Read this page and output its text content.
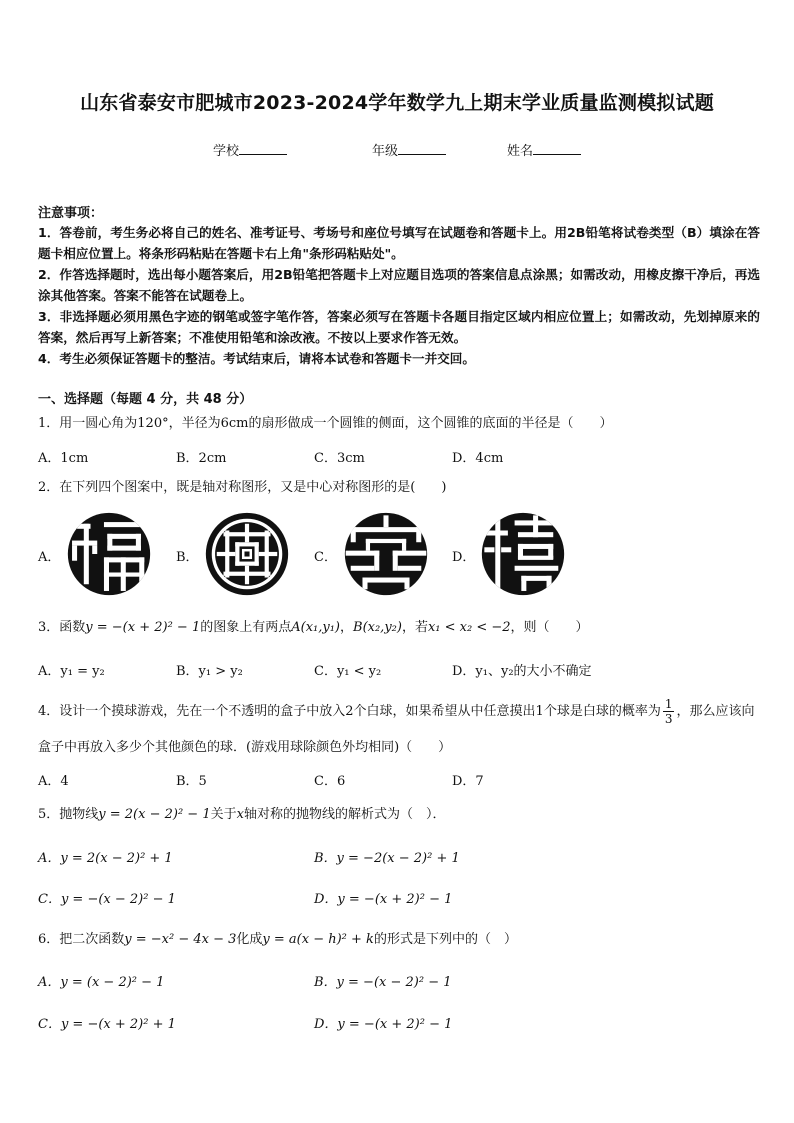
山东省泰安市肥城市2023-2024学年数学九上期末学业质量监测模拟试题
学校	年级	姓名
注意事项：

1．答卷前，考生务必将自己的姓名、准考证号、考场号和座位号填写在试题卷和答题卡上。用2B铅笔将试卷类型（B）填涂在答题卡相应位置上。将条形码粘贴在答题卡右上角"条形码粘贴处"。

2．作答选择题时，选出每小题答案后，用2B铅笔把答题卡上对应题目选项的答案信息点涂黑；如需改动，用橡皮擦干净后，再选涂其他答案。答案不能答在试题卷上。

3．非选择题必须用黑色字迹的钢笔或签字笔作答，答案必须写在答题卡各题目指定区域内相应位置上；如需改动，先划掉原来的答案，然后再写上新答案；不准使用铅笔和涂改液。不按以上要求作答无效。

4．考生必须保证答题卡的整洁。考试结束后，请将本试卷和答题卡一并交回。

一、选择题（每题 4 分，共 48 分）

1．用一圆心角为120°，半径为6cm的扇形做成一个圆锥的侧面，这个圆锥的底面的半径是（　　）

A．1cm	B．2cm	C．3cm	D．4cm

2．在下列四个图案中，既是轴对称图形，又是中心对称图形的是(　　)

A．	B．	C．	D．

3．函数y = −(x + 2)² − 1的图象上有两点A(x₁,y₁)，B(x₂,y₂)，若x₁ < x₂ < −2，则（　　）

A．y₁ = y₂	B．y₁ > y₂	C．y₁ < y₂	D．y₁、y₂的大小不确定

4．设计一个摸球游戏，先在一个不透明的盒子中放入2个白球，如果希望从中任意摸出1个球是白球的概率为 $\frac{1}{3}$ ，那么应该向盒子中再放入多少个其他颜色的球．(游戏用球除颜色外均相同)（　　）

A．4	B．5	C．6	D．7

5．抛物线y = 2(x − 2)² − 1关于x轴对称的抛物线的解析式为（　）．

A．y = 2(x − 2)² + 1	B．y = −2(x − 2)² + 1
C．y = −(x − 2)² − 1	D．y = −(x + 2)² − 1

6．把二次函数y = −x² − 4x − 3化成y = a(x − h)² + k的形式是下列中的（　）

A．y = (x − 2)² − 1	B．y = −(x − 2)² − 1
C．y = −(x + 2)² + 1	D．y = −(x + 2)² − 1
